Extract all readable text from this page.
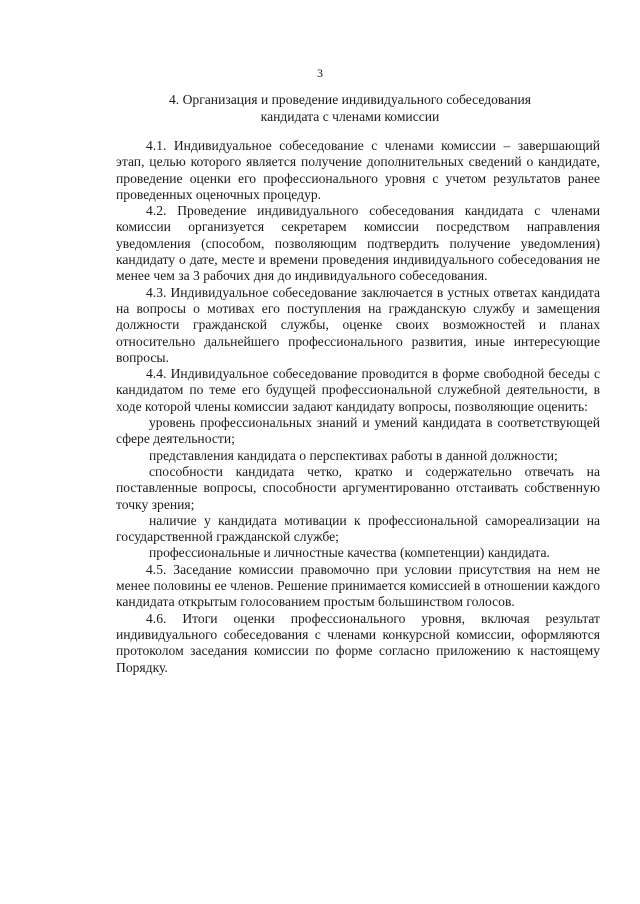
3
4. Организация и проведение индивидуального собеседования
кандидата с членами комиссии

4.1. Индивидуальное собеседование с членами комиссии – завершающий этап, целью которого является получение дополнительных сведений о кандидате, проведение оценки его профессионального уровня с учетом результатов ранее проведенных оценочных процедур.

4.2. Проведение индивидуального собеседования кандидата с членами комиссии организуется секретарем комиссии посредством направления уведомления (способом, позволяющим подтвердить получение уведомления) кандидату о дате, месте и времени проведения индивидуального собеседования не менее чем за 3 рабочих дня до индивидуального собеседования.

4.3. Индивидуальное собеседование заключается в устных ответах кандидата на вопросы о мотивах его поступления на гражданскую службу и замещения должности гражданской службы, оценке своих возможностей и планах относительно дальнейшего профессионального развития, иные интересующие вопросы.

4.4. Индивидуальное собеседование проводится в форме свободной беседы с кандидатом по теме его будущей профессиональной служебной деятельности, в ходе которой члены комиссии задают кандидату вопросы, позволяющие оценить:

уровень профессиональных знаний и умений кандидата в соответствующей сфере деятельности;

представления кандидата о перспективах работы в данной должности;

способности кандидата четко, кратко и содержательно отвечать на поставленные вопросы, способности аргументированно отстаивать собственную точку зрения;

наличие у кандидата мотивации к профессиональной самореализации на государственной гражданской службе;

профессиональные и личностные качества (компетенции) кандидата.

4.5. Заседание комиссии правомочно при условии присутствия на нем не менее половины ее членов. Решение принимается комиссией в отношении каждого кандидата открытым голосованием простым большинством голосов.

4.6. Итоги оценки профессионального уровня, включая результат индивидуального собеседования с членами конкурсной комиссии, оформляются протоколом заседания комиссии по форме согласно приложению к настоящему Порядку.
